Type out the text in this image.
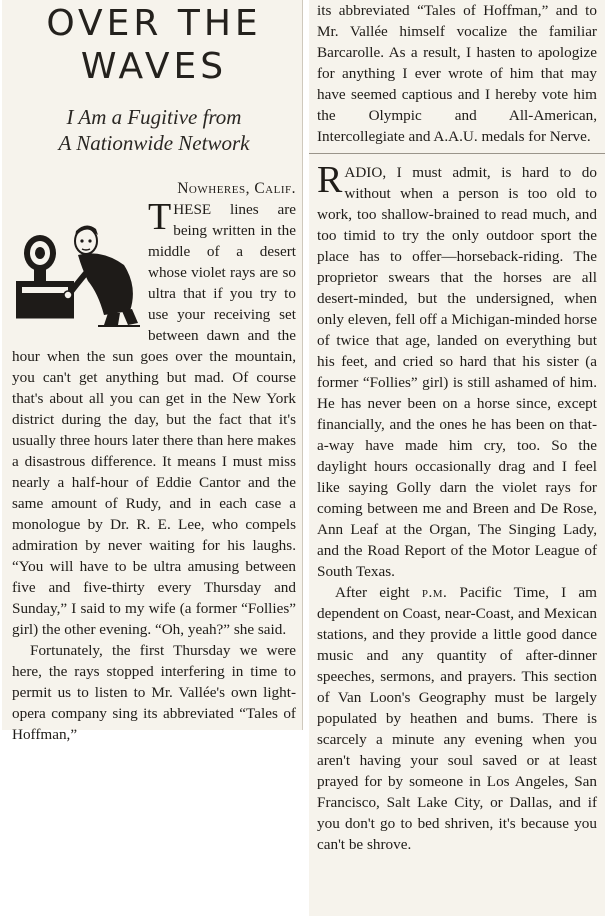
OVER THE
WAVES
I Am a Fugitive from
A Nationwide Network
Nowheres, Calif.
THESE lines are being written in the middle of a desert whose violet rays are so ultra that if you try to use your receiving set between dawn and the hour when the sun goes over the mountain, you can't get anything but mad. Of course that's about all you can get in the New York district during the day, but the fact that it's usually three hours later there than here makes a disastrous difference. It means I must miss nearly a half-hour of Eddie Cantor and the same amount of Rudy, and in each case a monologue by Dr. R. E. Lee, who compels admiration by never waiting for his laughs. “You will have to be ultra amusing between five and five-thirty every Thursday and Sunday,” I said to my wife (a former “Follies” girl) the other evening. “Oh, yeah?” she said.
Fortunately, the first Thursday we were here, the rays stopped interfering in time to permit us to listen to Mr. Vallée's own light-opera company sing its abbreviated “Tales of Hoffman,”
its abbreviated “Tales of Hoffman,” and to Mr. Vallée himself vocalize the familiar Barcarolle. As a result, I hasten to apologize for anything I ever wrote of him that may have seemed captious and I hereby vote him the Olympic and All-American, Intercollegiate and A.A.U. medals for Nerve.
RADIO, I must admit, is hard to do without when a person is too old to work, too shallow-brained to read much, and too timid to try the only outdoor sport the place has to offer—horseback-riding. The proprietor swears that the horses are all desert-minded, but the undersigned, when only eleven, fell off a Michigan-minded horse of twice that age, landed on everything but his feet, and cried so hard that his sister (a former “Follies” girl) is still ashamed of him. He has never been on a horse since, except financially, and the ones he has been on that-a-way have made him cry, too. So the daylight hours occasionally drag and I feel like saying Golly darn the violet rays for coming between me and Breen and De Rose, Ann Leaf at the Organ, The Singing Lady, and the Road Report of the Motor League of South Texas.
After eight p.m. Pacific Time, I am dependent on Coast, near-Coast, and Mexican stations, and they provide a little good dance music and any quantity of after-dinner speeches, sermons, and prayers. This section of Van Loon's Geography must be largely populated by heathen and bums. There is scarcely a minute any evening when you aren't having your soul saved or at least prayed for by someone in Los Angeles, San Francisco, Salt Lake City, or Dallas, and if you don't go to bed shriven, it's because you can't be shrove.
